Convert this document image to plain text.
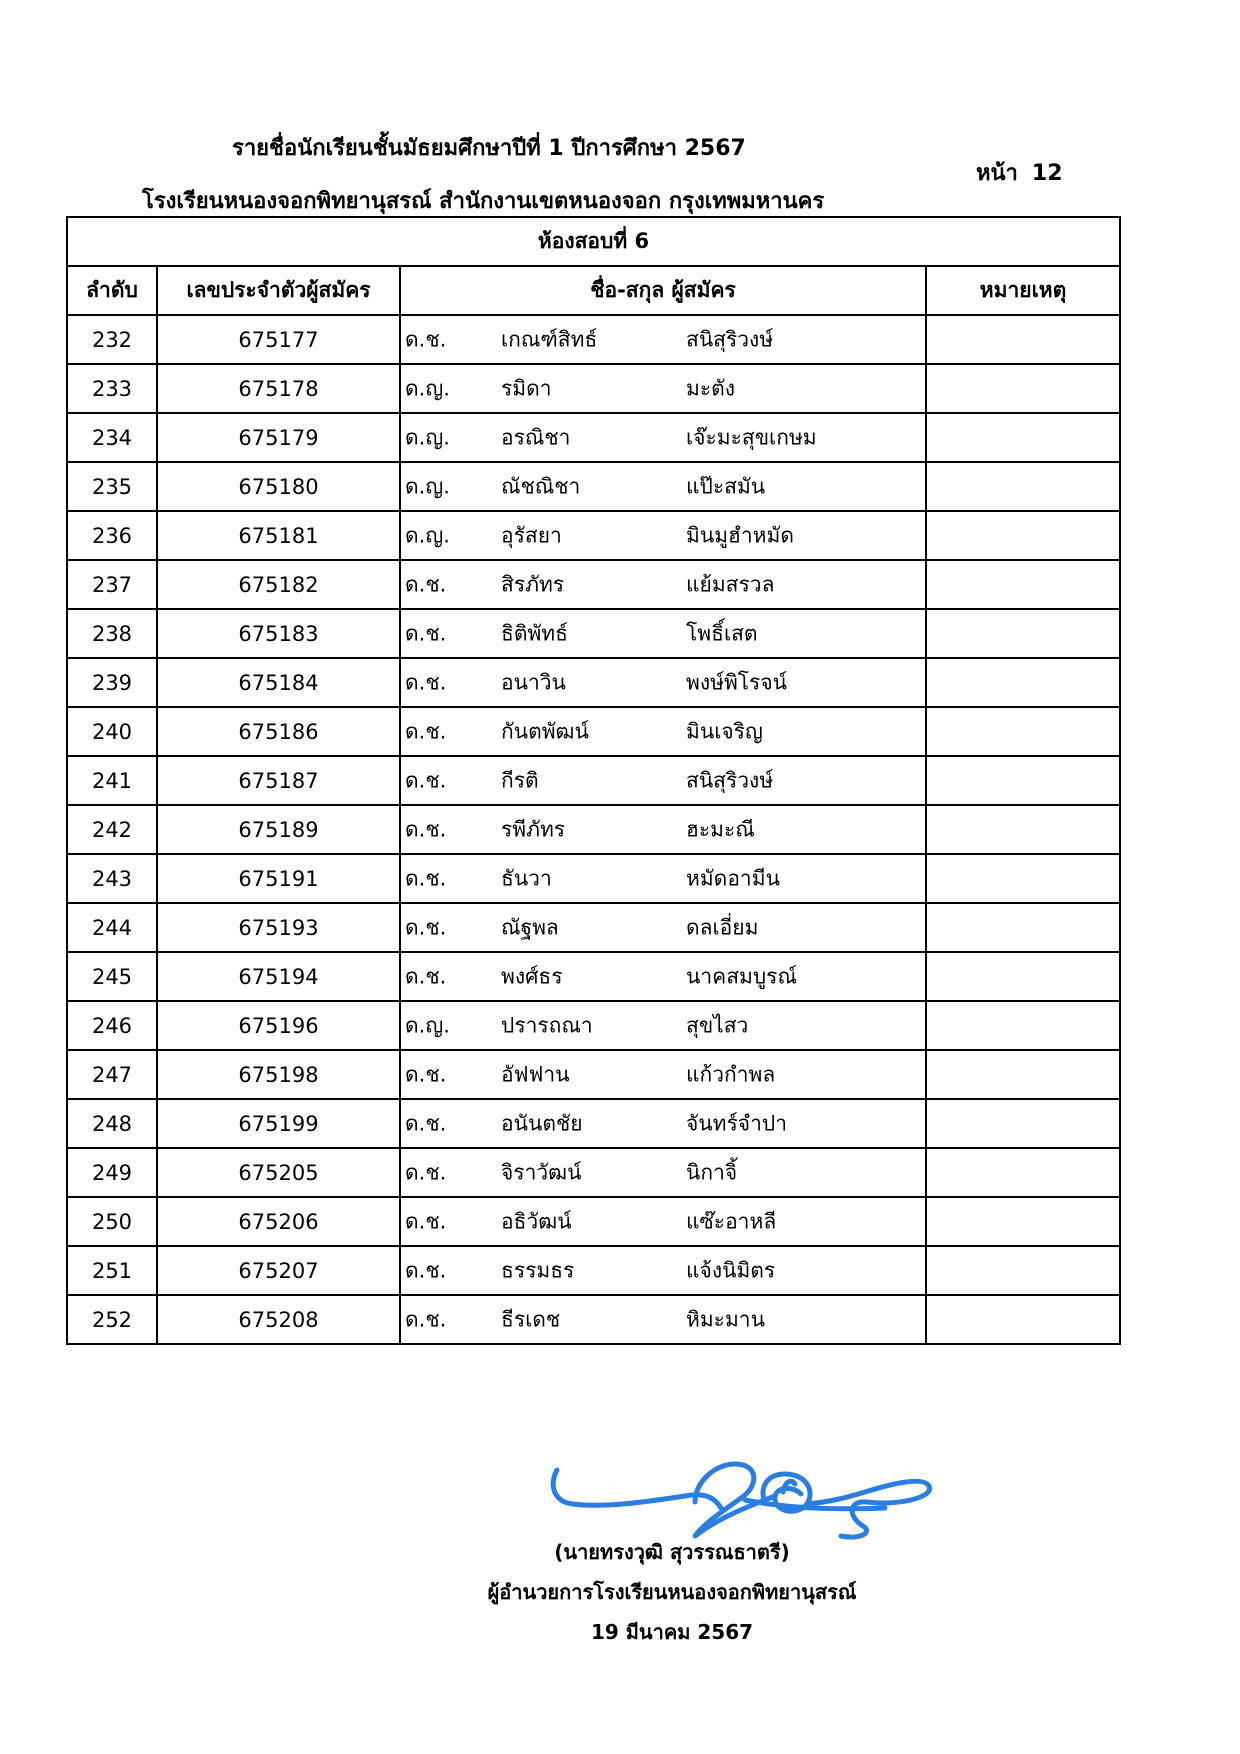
รายชื่อนักเรียนชั้นมัธยมศึกษาปีที่ 1 ปีการศึกษา 2567
หน้า 12
โรงเรียนหนองจอกพิทยานุสรณ์ สำนักงานเขตหนองจอก กรุงเทพมหานคร
ห้องสอบที่ 6			
ลำดับ	เลขประจำตัวผู้สมัคร	ชื่อ-สกุล ผู้สมัคร	หมายเหตุ
232	675177	ด.ช. เกณฑ์สิทธ์ สนิสุริวงษ์	

233	675178	ด.ญ. รมิดา มะตัง	

234	675179	ด.ญ. อรณิชา เจ๊ะมะสุขเกษม	

235	675180	ด.ญ. ณัชณิชา แป๊ะสมัน	

236	675181	ด.ญ. อุรัสยา มินมูฮำหมัด	

237	675182	ด.ช. สิรภัทร แย้มสรวล	

238	675183	ด.ช. ธิติพัทธ์ โพธิ์เสต	

239	675184	ด.ช. อนาวิน พงษ์พิโรจน์	

240	675186	ด.ช. กันตพัฒน์ มินเจริญ	

241	675187	ด.ช. กีรติ สนิสุริวงษ์	

242	675189	ด.ช. รพีภัทร ฮะมะณี	

243	675191	ด.ช. ธันวา หมัดอามีน	

244	675193	ด.ช. ณัฐพล ดลเอี่ยม	

245	675194	ด.ช. พงศ์ธร นาคสมบูรณ์	

246	675196	ด.ญ. ปรารถณา สุขไสว	

247	675198	ด.ช. อัฟฟาน แก้วกำพล	

248	675199	ด.ช. อนันตชัย จันทร์จำปา	

249	675205	ด.ช. จิราวัฒน์ นิกาจิ้	

250	675206	ด.ช. อธิวัฒน์ แซ๊ะอาหลี	

251	675207	ด.ช. ธรรมธร แจ้งนิมิตร	

252	675208	ด.ช. ธีรเดช หิมะมาน	

(นายทรงวุฒิ สุวรรณธาตรี)
ผู้อำนวยการโรงเรียนหนองจอกพิทยานุสรณ์
19 มีนาคม 2567
